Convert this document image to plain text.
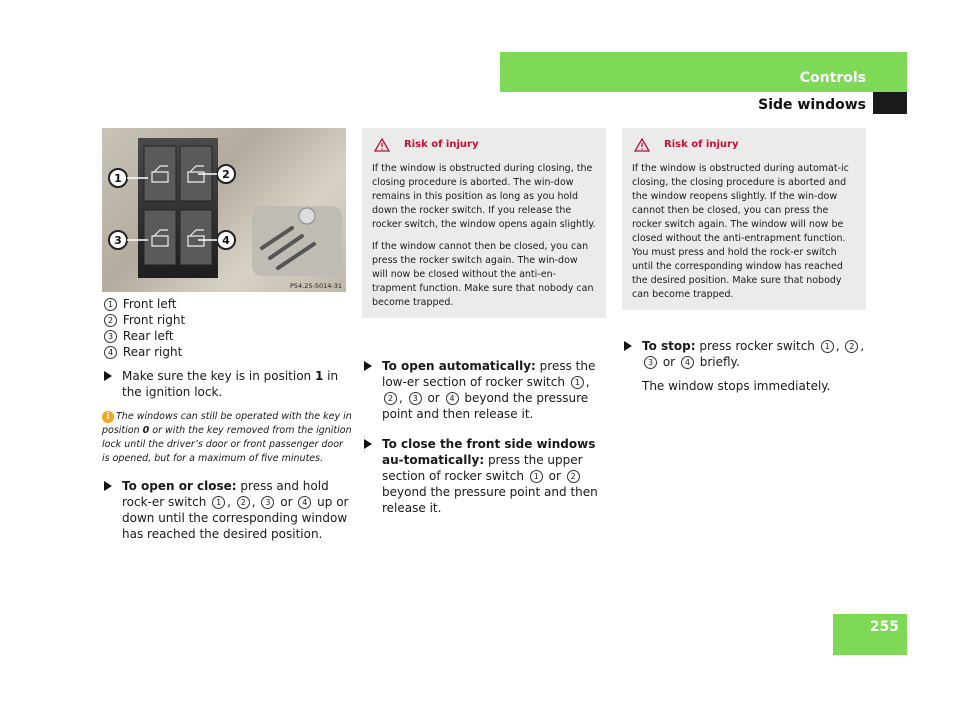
Controls
Side windows
1	2
3	4
P54.25-5014-31
1 Front left
2 Front right
3 Rear left
4 Rear right
Make sure the key is in position 1 in the ignition lock.
i The windows can still be operated with the key in position 0 or with the key removed from the ignition lock until the driver’s door or front passenger door is opened, but for a maximum of five minutes.
To open or close: press and hold rock-er switch 1 , 2 , 3 or 4 up or down until the corresponding window has reached the desired position.
Risk of injury

If the window is obstructed during closing, the closing procedure is aborted. The win-dow remains in this position as long as you hold down the rocker switch. If you release the rocker switch, the window opens again slightly.

If the window cannot then be closed, you can press the rocker switch again. The win-dow will now be closed without the anti-en-trapment function. Make sure that nobody can become trapped.

To open automatically: press the low-er section of rocker switch 1 , 2 , 3 or 4 beyond the pressure point and then release it.
To close the front side windows au-tomatically: press the upper section of rocker switch 1 or 2 beyond the pressure point and then release it.
Risk of injury

If the window is obstructed during automat-ic closing, the closing procedure is aborted and the window reopens slightly. If the win-dow cannot then be closed, you can press the rocker switch again. The window will now be closed without the anti-entrapment function. You must press and hold the rock-er switch until the corresponding window has reached the desired position. Make sure that nobody can become trapped.

To stop: press rocker switch 1 , 2 , 3 or 4 briefly.
The window stops immediately.
255
